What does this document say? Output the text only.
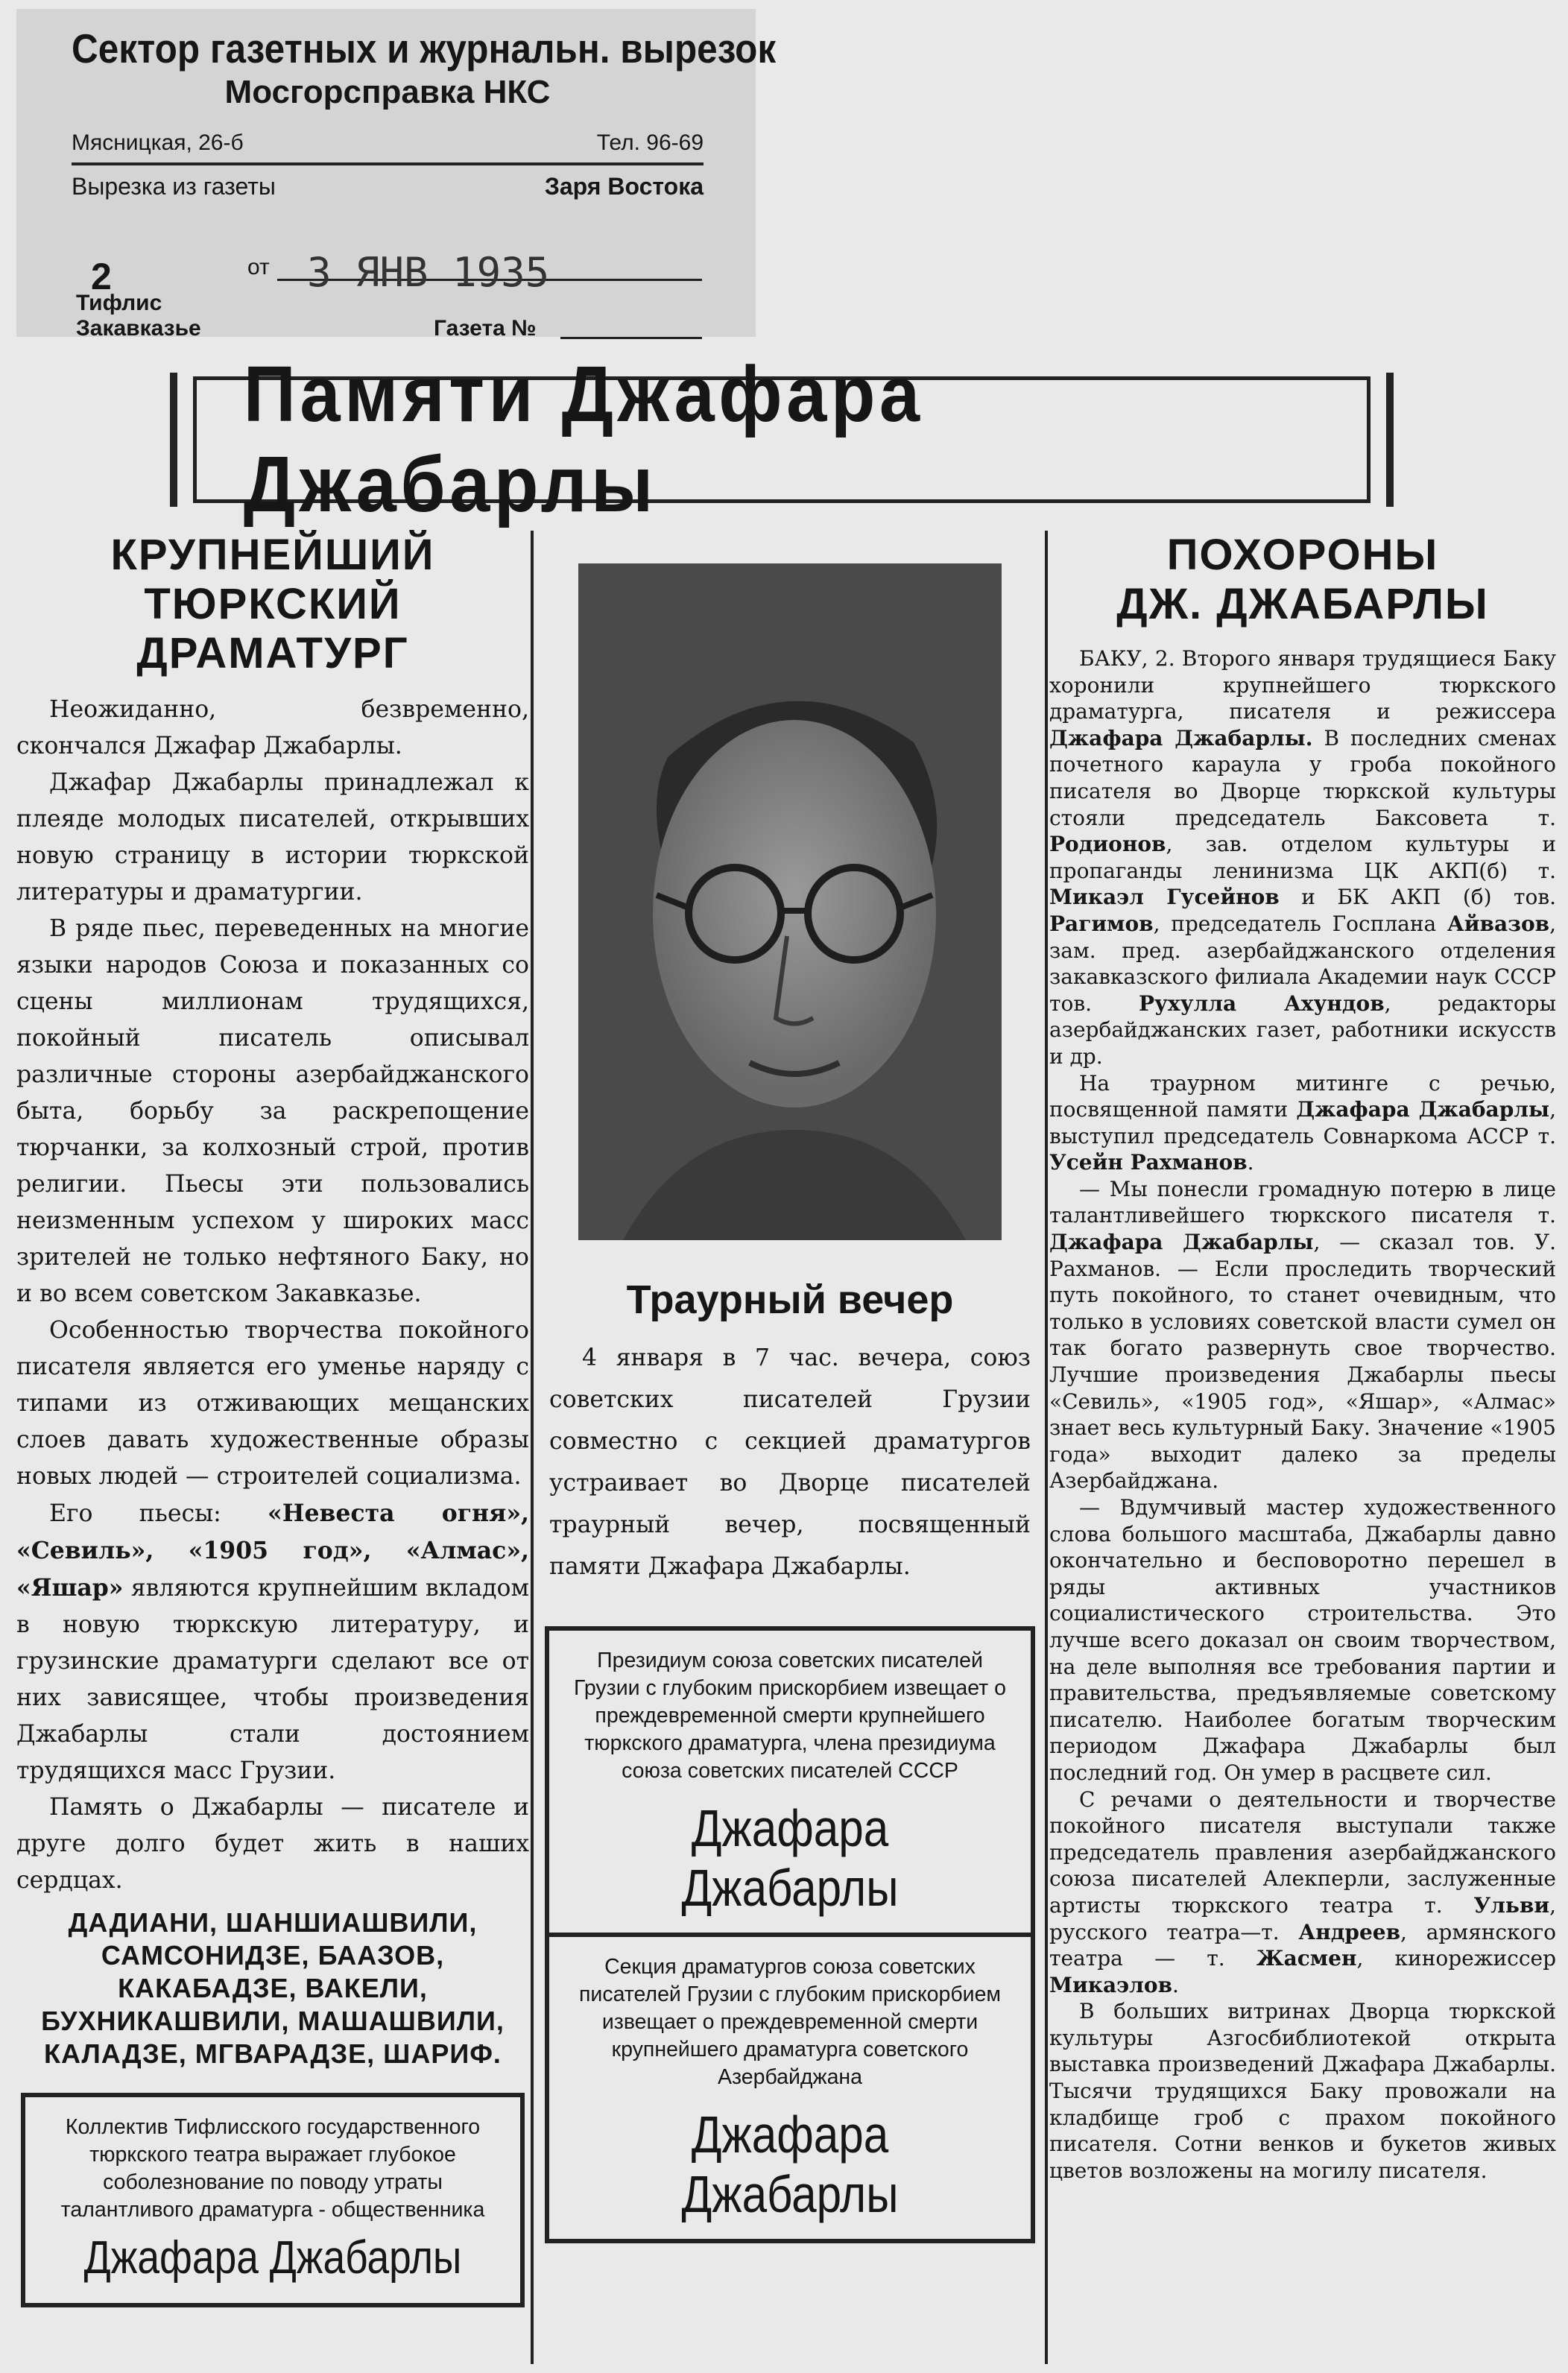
Сектор газетных и журнальн. вырезок
Мосгорсправка НКС
Мясницкая, 26-б	Тел. 96-69
Вырезка из газеты	Заря Востока
2	от 3 ЯНВ 1935
Тифлис
Закавказье	Газета №
Памяти Джафара Джабарлы
КРУПНЕЙШИЙ
ТЮРКСКИЙ ДРАМАТУРГ

Неожиданно, безвременно, скончался Джафар Джабарлы.

Джафар Джабарлы принадлежал к плеяде молодых писателей, открывших новую страницу в истории тюркской литературы и драматургии.

В ряде пьес, переведенных на многие языки народов Союза и показанных со сцены миллионам трудящихся, покойный писатель описывал различные стороны азербайджанского быта, борьбу за раскрепощение тюрчанки, за колхозный строй, против религии. Пьесы эти пользовались неизменным успехом у широких масс зрителей не только нефтяного Баку, но и во всем советском Закавказье.

Особенностью творчества покойного писателя является его уменье наряду с типами из отживающих мещанских слоев давать художественные образы новых людей — строителей социализма.

Его пьесы: «Невеста огня», «Севиль», «1905 год», «Алмас», «Яшар» являются крупнейшим вкладом в новую тюркскую литературу, и грузинские драматурги сделают все от них зависящее, чтобы произведения Джабарлы стали достоянием трудящихся масс Грузии.

Память о Джабарлы — писателе и друге долго будет жить в наших сердцах.

ДАДИАНИ, ШАНШИАШВИЛИ, САМСОНИДЗЕ, БААЗОВ, КАКАБАДЗЕ, ВАКЕЛИ, БУХНИКАШВИЛИ, МАШАШВИЛИ, КАЛАДЗЕ, МГВАРАДЗЕ, ШАРИФ.

Коллектив Тифлисского государственного тюркского театра выражает глубокое соболезнование по поводу утраты талантливого драматурга - общественника

Джафара Джабарлы

Траурный вечер

4 января в 7 час. вечера, союз советских писателей Грузии совместно с секцией драматургов устраивает во Дворце писателей траурный вечер, посвященный памяти Джафара Джабарлы.

Президиум союза советских писателей Грузии с глубоким прискорбием извещает о преждевременной смерти крупнейшего тюркского драматурга, члена президиума союза советских писателей СССР

Джафара Джабарлы

Секция драматургов союза советских писателей Грузии с глубоким прискорбием извещает о преждевременной смерти крупнейшего драматурга советского Азербайджана

Джафара Джабарлы

ПОХОРОНЫ
ДЖ. ДЖАБАРЛЫ

БАКУ, 2. Второго января трудящиеся Баку хоронили крупнейшего тюркского драматурга, писателя и режиссера Джафара Джабарлы. В последних сменах почетного караула у гроба покойного писателя во Дворце тюркской культуры стояли председатель Баксовета т. Родионов, зав. отделом культуры и пропаганды ленинизма ЦК АКП(б) т. Микаэл Гусейнов и БК АКП (б) тов. Рагимов, председатель Госплана Айвазов, зам. пред. азербайджанского отделения закавказского филиала Академии наук СССР тов. Рухулла Ахундов, редакторы азербайджанских газет, работники искусств и др.

На траурном митинге с речью, посвященной памяти Джафара Джабарлы, выступил председатель Совнаркома АССР т. Усейн Рахманов.

— Мы понесли громадную потерю в лице талантливейшего тюркского писателя т. Джафара Джабарлы, — сказал тов. У. Рахманов. — Если проследить творческий путь покойного, то станет очевидным, что только в условиях советской власти сумел он так богато развернуть свое творчество. Лучшие произведения Джабарлы пьесы «Севиль», «1905 год», «Яшар», «Алмас» знает весь культурный Баку. Значение «1905 года» выходит далеко за пределы Азербайджана.

— Вдумчивый мастер художественного слова большого масштаба, Джабарлы давно окончательно и бесповоротно перешел в ряды активных участников социалистического строительства. Это лучше всего доказал он своим творчеством, на деле выполняя все требования партии и правительства, предъявляемые советскому писателю. Наиболее богатым творческим периодом Джафара Джабарлы был последний год. Он умер в расцвете сил.

С речами о деятельности и творчестве покойного писателя выступали также председатель правления азербайджанского союза писателей Алекперли, заслуженные артисты тюркского театра т. Ульви, русского театра—т. Андреев, армянского театра — т. Жасмен, кинорежиссер Микаэлов.

В больших витринах Дворца тюркской культуры Азгосбиблиотекой открыта выставка произведений Джафара Джабарлы. Тысячи трудящихся Баку провожали на кладбище гроб с прахом покойного писателя. Сотни венков и букетов живых цветов возложены на могилу писателя.
